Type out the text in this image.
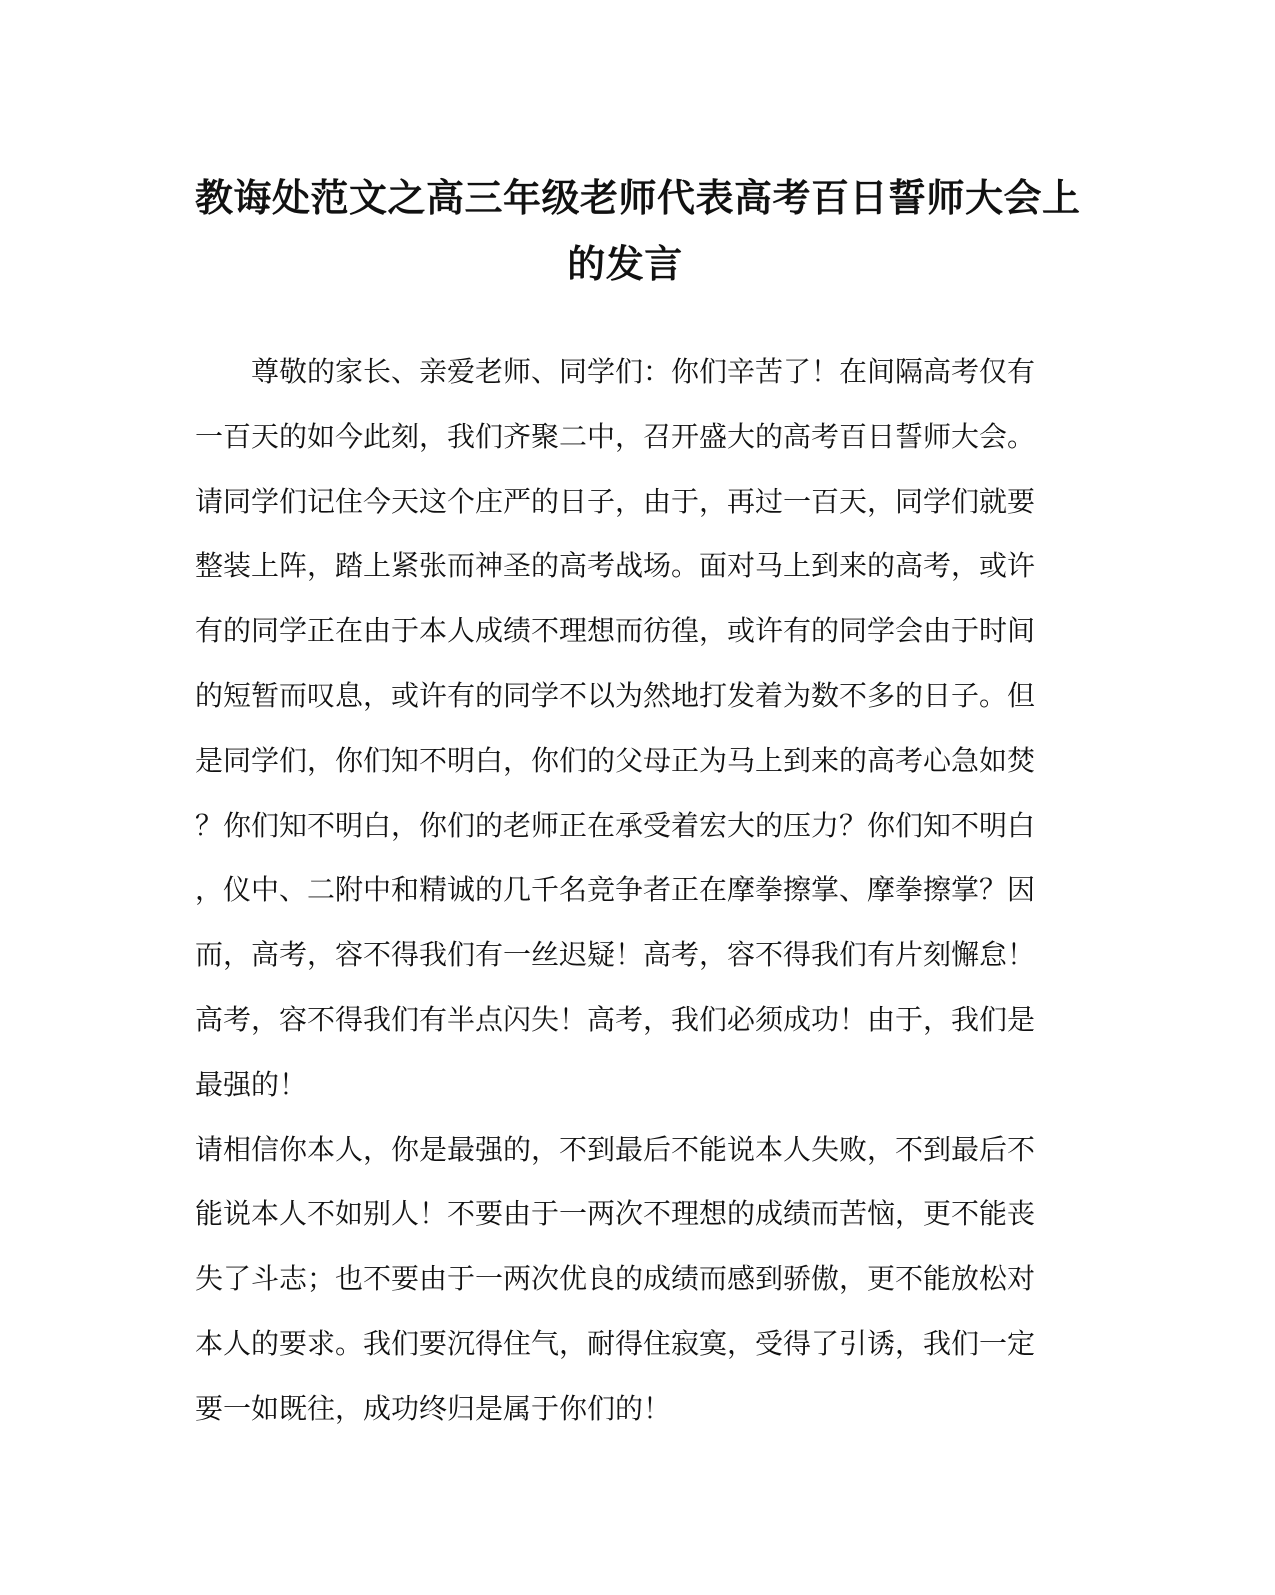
教诲处范文之高三年级老师代表高考百日誓师大会上
的发言
尊敬的家长、亲爱老师、同学们：你们辛苦了！在间隔高考仅有
一百天的如今此刻，我们齐聚二中，召开盛大的高考百日誓师大会。
请同学们记住今天这个庄严的日子，由于，再过一百天，同学们就要
整装上阵，踏上紧张而神圣的高考战场。面对马上到来的高考，或许
有的同学正在由于本人成绩不理想而彷徨，或许有的同学会由于时间
的短暂而叹息，或许有的同学不以为然地打发着为数不多的日子。但
是同学们，你们知不明白，你们的父母正为马上到来的高考心急如焚
？你们知不明白，你们的老师正在承受着宏大的压力？你们知不明白
，仪中、二附中和精诚的几千名竞争者正在摩拳擦掌、摩拳擦掌？因
而，高考，容不得我们有一丝迟疑！高考，容不得我们有片刻懈怠！
高考，容不得我们有半点闪失！高考，我们必须成功！由于，我们是
最强的！
请相信你本人，你是最强的，不到最后不能说本人失败，不到最后不
能说本人不如别人！不要由于一两次不理想的成绩而苦恼，更不能丧
失了斗志；也不要由于一两次优良的成绩而感到骄傲，更不能放松对
本人的要求。我们要沉得住气，耐得住寂寞，受得了引诱，我们一定
要一如既往，成功终归是属于你们的！
